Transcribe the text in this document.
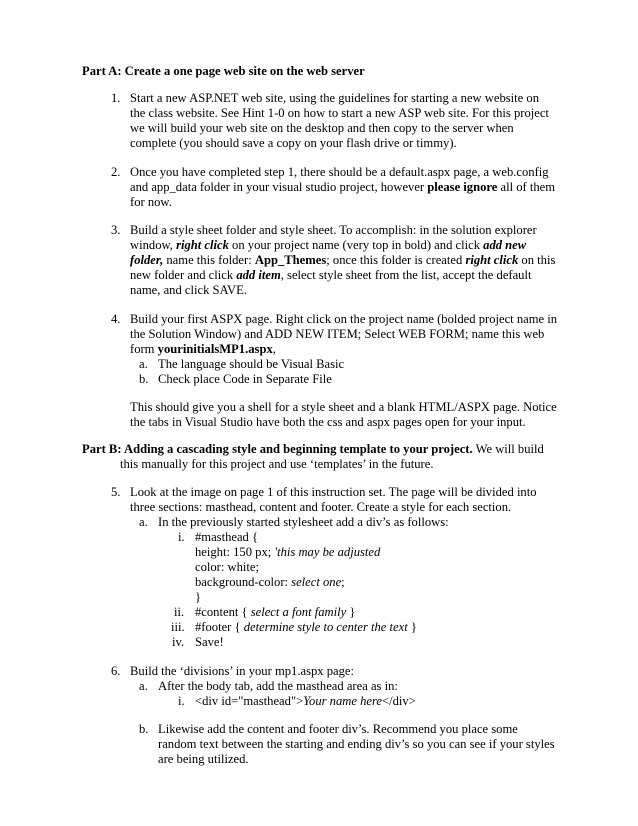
Part A: Create a one page web site on the web server
1. Start a new ASP.NET web site, using the guidelines for starting a new website on
the class website. See Hint 1-0 on how to start a new ASP web site. For this project
we will build your web site on the desktop and then copy to the server when
complete (you should save a copy on your flash drive or timmy).
2. Once you have completed step 1, there should be a default.aspx page, a web.config
and app_data folder in your visual studio project, however please ignore all of them
for now.
3. Build a style sheet folder and style sheet. To accomplish: in the solution explorer
window, right click on your project name (very top in bold) and click add new
folder, name this folder: App_Themes; once this folder is created right click on this
new folder and click add item, select style sheet from the list, accept the default
name, and click SAVE.
4. Build your first ASPX page. Right click on the project name (bolded project name in
the Solution Window) and ADD NEW ITEM; Select WEB FORM; name this web
form yourinitialsMP1.aspx,
a. The language should be Visual Basic
b. Check place Code in Separate File
This should give you a shell for a style sheet and a blank HTML/ASPX page. Notice
the tabs in Visual Studio have both the css and aspx pages open for your input.
Part B: Adding a cascading style and beginning template to your project. We will build
this manually for this project and use ‘templates’ in the future.
5. Look at the image on page 1 of this instruction set. The page will be divided into
three sections: masthead, content and footer. Create a style for each section.
a. In the previously started stylesheet add a div’s as follows:
i. #masthead {
height: 150 px; 'this may be adjusted
color: white;
background-color: select one;
}
ii. #content { select a font family }
iii. #footer { determine style to center the text }
iv. Save!
6. Build the ‘divisions’ in your mp1.aspx page:
a. After the body tab, add the masthead area as in:
i. <div id="masthead">Your name here</div>
b. Likewise add the content and footer div’s. Recommend you place some
random text between the starting and ending div’s so you can see if your styles
are being utilized.
